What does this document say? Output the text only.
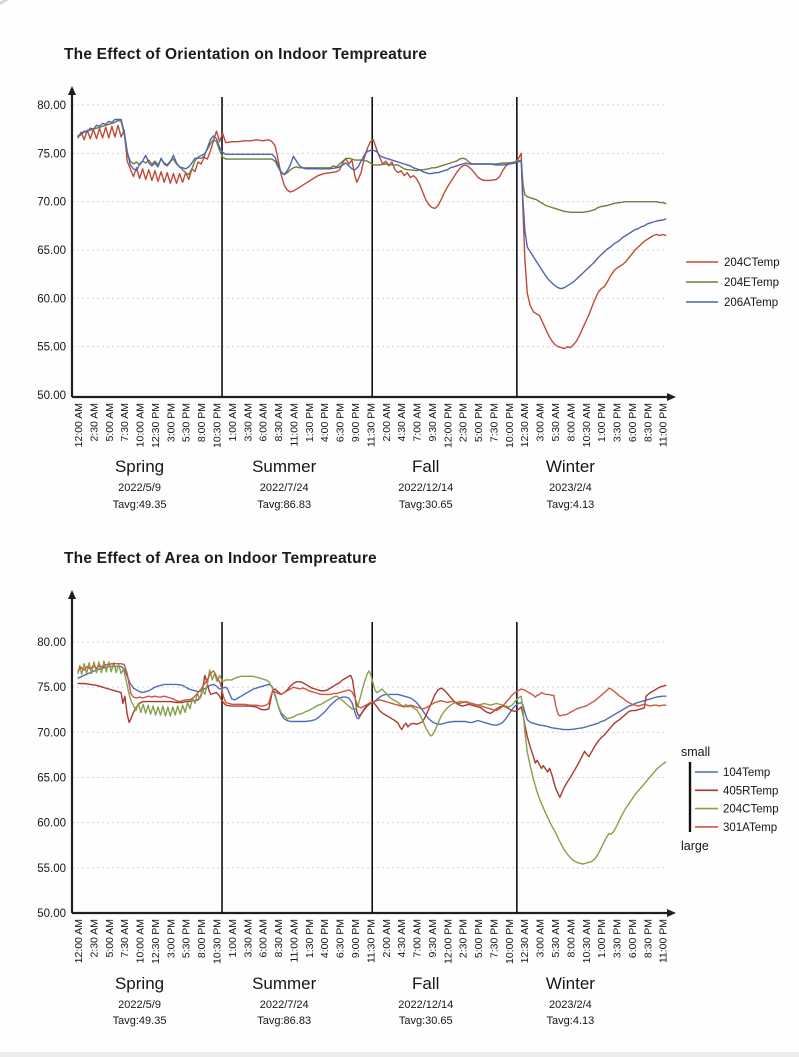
The Effect of Orientation on Indoor Tempreature
80.00
75.00
70.00
65.00
60.00
55.00
50.00
12:00 AM 2:30 AM 5:00 AM 7:30 AM 10:00 AM 12:30 PM 3:00 PM 5:30 PM 8:00 PM 10:30 PM 1:00 AM 3:30 AM 6:00 AM 8:30 AM 11:00 AM 1:30 PM 4:00 PM 6:30 PM 9:00 PM 11:30 PM 2:00 AM 4:30 AM 7:00 AM 9:30 AM 12:00 PM 2:30 PM 5:00 PM 7:30 PM 10:00 PM 12:30 AM 3:00 AM 5:30 AM 8:00 AM 10:30 AM 1:00 PM 3:30 PM 6:00 PM 8:30 PM 11:00 PM
Spring
2022/5/9
Tavg:49.35
Summer
2022/7/24
Tavg:86.83
Fall
2022/12/14
Tavg:30.65
Winter
2023/2/4
Tavg:4.13
204CTemp
204ETemp
206ATemp
The Effect of Area on Indoor Tempreature
80.00
75.00
70.00
65.00
60.00
55.00
50.00
12:00 AM 2:30 AM 5:00 AM 7:30 AM 10:00 AM 12:30 PM 3:00 PM 5:30 PM 8:00 PM 10:30 PM 1:00 AM 3:30 AM 6:00 AM 8:30 AM 11:00 AM 1:30 PM 4:00 PM 6:30 PM 9:00 PM 11:30 PM 2:00 AM 4:30 AM 7:00 AM 9:30 AM 12:00 PM 2:30 PM 5:00 PM 7:30 PM 10:00 PM 12:30 AM 3:00 AM 5:30 AM 8:00 AM 10:30 AM 1:00 PM 3:30 PM 6:00 PM 8:30 PM 11:00 PM
Spring
2022/5/9
Tavg:49.35
Summer
2022/7/24
Tavg:86.83
Fall
2022/12/14
Tavg:30.65
Winter
2023/2/4
Tavg:4.13
small
large
104Temp
405RTemp
204CTemp
301ATemp
